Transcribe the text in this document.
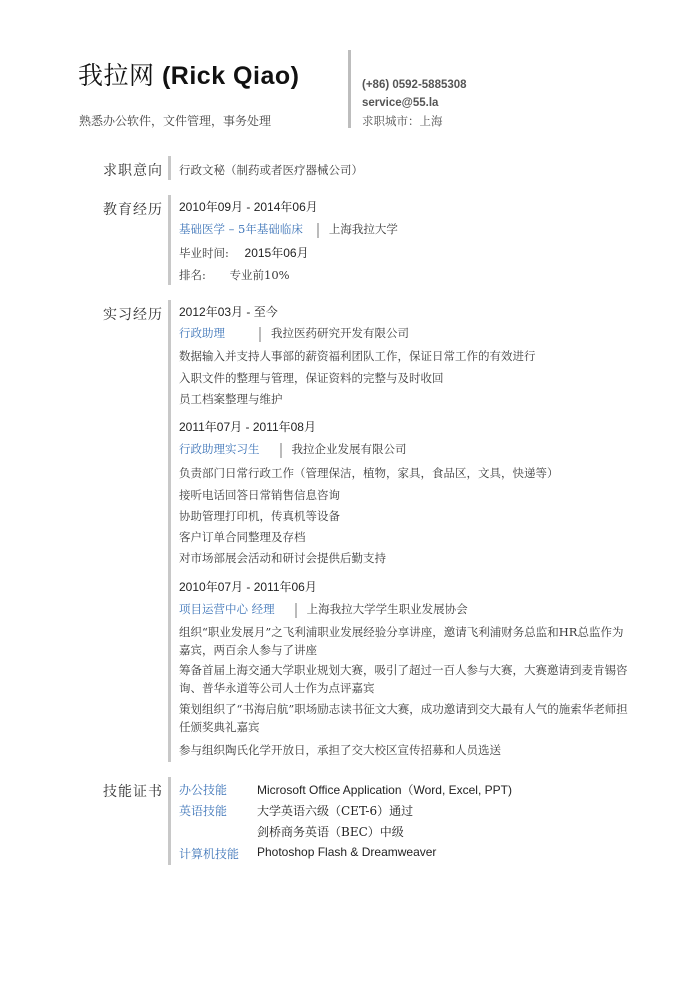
我拉网 (Rick Qiao)
熟悉办公软件，文件管理，事务处理
(+86) 0592-5885308
service@55.la
求职城市：上海
求职意向 行政文秘（制药或者医疗器械公司）
教育经历 2010年09月 - 2014年06月
基础医学 – 5年基础临床 上海我拉大学
毕业时间: 2015年06月
排名: 专业前10%
实习经历 2012年03月 - 至今
行政助理	我拉医药研究开发有限公司
数据输入并支持人事部的薪资福利团队工作，保证日常工作的有效进行
入职文件的整理与管理，保证资料的完整与及时收回
员工档案整理与维护
2011年07月 - 2011年08月
行政助理实习生	我拉企业发展有限公司
负责部门日常行政工作（管理保洁，植物，家具，食品区，文具，快递等）
接听电话回答日常销售信息咨询
协助管理打印机，传真机等设备
客户订单合同整理及存档
对市场部展会活动和研讨会提供后勤支持
2010年07月 - 2011年06月
项目运营中心 经理	上海我拉大学学生职业发展协会
组织“职业发展月”之飞利浦职业发展经验分享讲座，邀请飞利浦财务总监和HR总监作为嘉宾，两百余人参与了讲座
筹备首届上海交通大学职业规划大赛，吸引了超过一百人参与大赛，大赛邀请到麦肯锡咨询、普华永道等公司人士作为点评嘉宾
策划组织了“书海启航”职场励志读书征文大赛，成功邀请到交大最有人气的施索华老师担任颁奖典礼嘉宾
参与组织陶氏化学开放日，承担了交大校区宣传招募和人员选送
技能证书 办公技能 Microsoft Office Application（Word, Excel, PPT)
英语技能 大学英语六级（CET-6）通过
剑桥商务英语（BEC）中级
计算机技能 Photoshop Flash & Dreamweaver
